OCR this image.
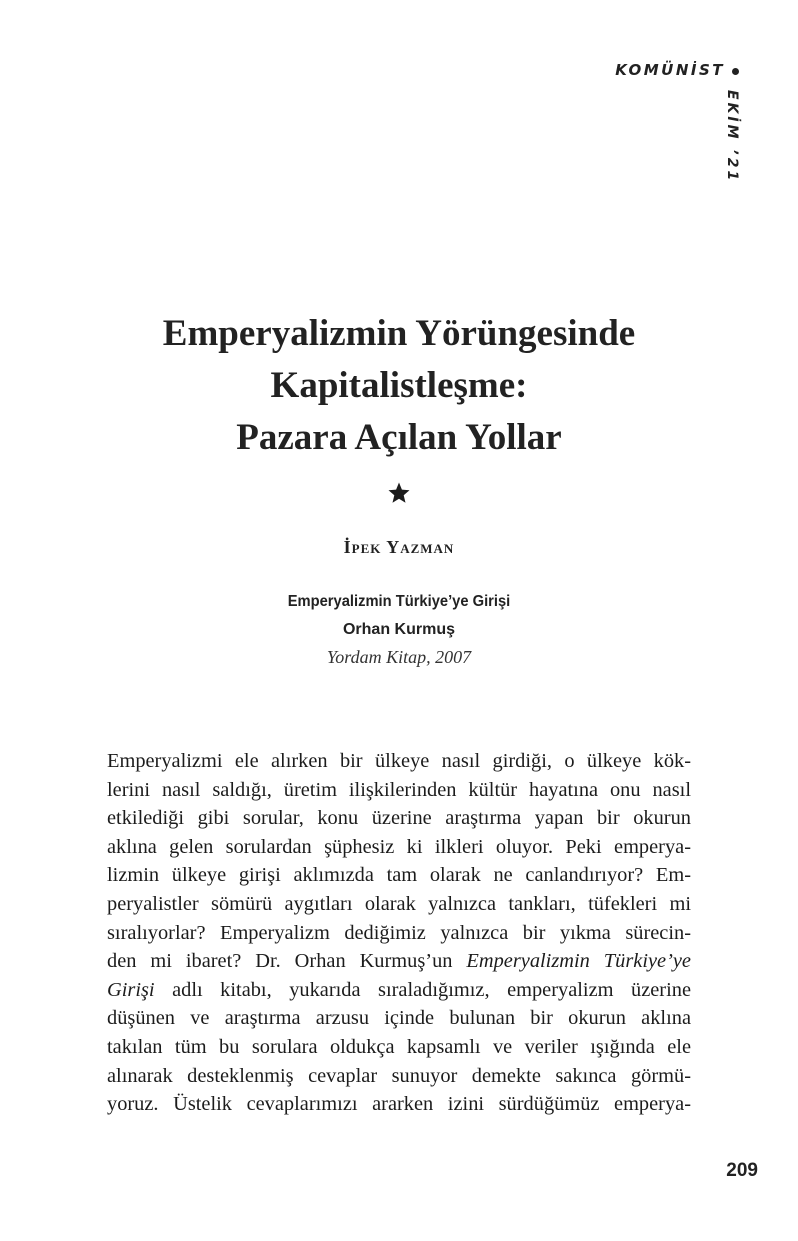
KOMÜNİST
EKİM ’21
Emperyalizmin Yörüngesinde
Kapitalistleşme:
Pazara Açılan Yollar
İpek Yazman
Emperyalizmin Türkiye’ye Girişi
Orhan Kurmuş
Yordam Kitap, 2007
Emperyalizmi ele alırken bir ülkeye nasıl girdiği, o ülkeye kök-
lerini nasıl saldığı, üretim ilişkilerinden kültür hayatına onu nasıl
etkilediği gibi sorular, konu üzerine araştırma yapan bir okurun
aklına gelen sorulardan şüphesiz ki ilkleri oluyor. Peki emperya-
lizmin ülkeye girişi aklımızda tam olarak ne canlandırıyor? Em-
peryalistler sömürü aygıtları olarak yalnızca tankları, tüfekleri mi
sıralıyorlar? Emperyalizm dediğimiz yalnızca bir yıkma sürecin-
den mi ibaret? Dr. Orhan Kurmuş’un Emperyalizmin Türkiye’ye
Girişi adlı kitabı, yukarıda sıraladığımız, emperyalizm üzerine
düşünen ve araştırma arzusu içinde bulunan bir okurun aklına
takılan tüm bu sorulara oldukça kapsamlı ve veriler ışığında ele
alınarak desteklenmiş cevaplar sunuyor demekte sakınca görmü-
yoruz. Üstelik cevaplarımızı ararken izini sürdüğümüz emperya-
209
